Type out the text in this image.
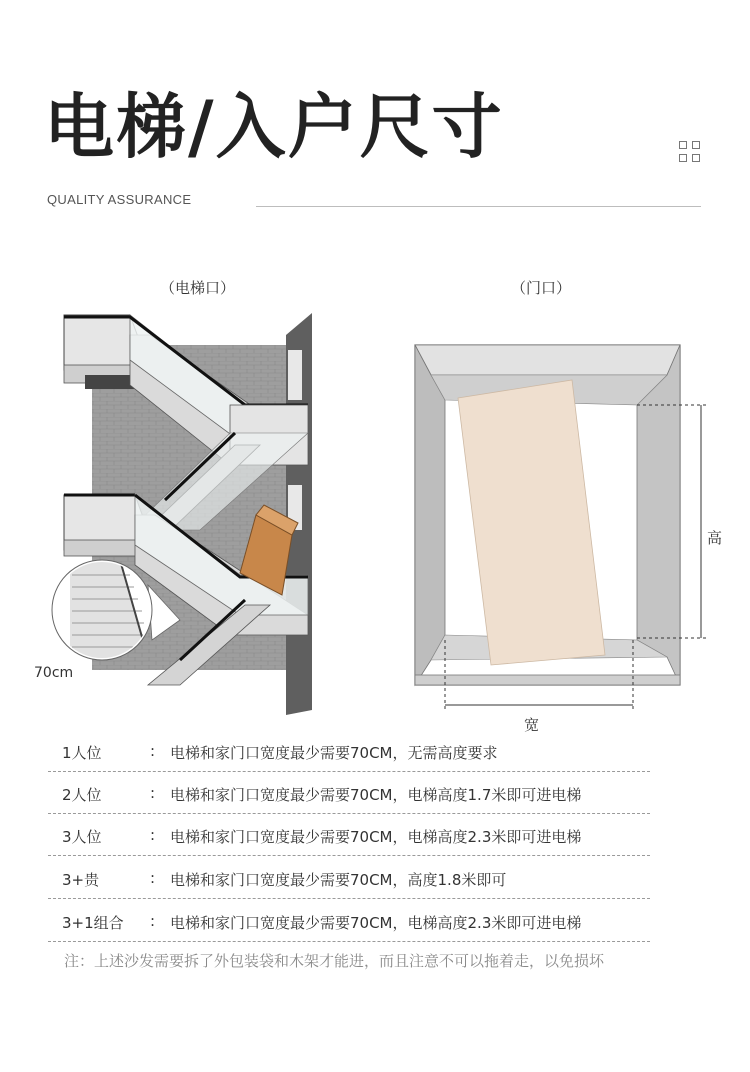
电梯/入户尺寸
QUALITY ASSURANCE
（电梯口）	（门口）
70cm
高
宽
1人位	: 电梯和家门口宽度最少需要70CM，无需高度要求
2人位	: 电梯和家门口宽度最少需要70CM，电梯高度1.7米即可进电梯
3人位	: 电梯和家门口宽度最少需要70CM，电梯高度2.3米即可进电梯
3+贵	: 电梯和家门口宽度最少需要70CM，高度1.8米即可
3+1组合 : 电梯和家门口宽度最少需要70CM，电梯高度2.3米即可进电梯
注：上述沙发需要拆了外包装袋和木架才能进，而且注意不可以拖着走，以免损坏
